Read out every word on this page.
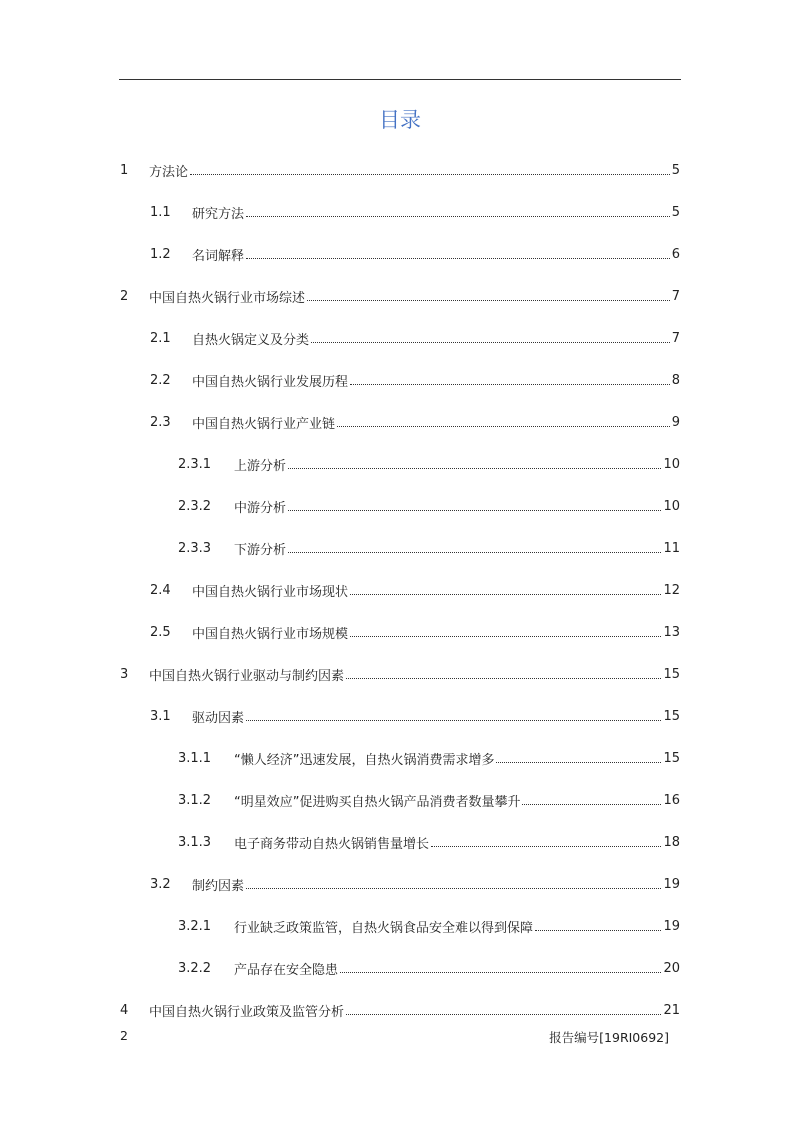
目录
1	方法论	5
1.1	研究方法	5
1.2	名词解释	6
2	中国自热火锅行业市场综述	7
2.1	自热火锅定义及分类	7
2.2	中国自热火锅行业发展历程	8
2.3	中国自热火锅行业产业链	9
2.3.1	上游分析	10
2.3.2	中游分析	10
2.3.3	下游分析	11
2.4	中国自热火锅行业市场现状	12
2.5	中国自热火锅行业市场规模	13
3	中国自热火锅行业驱动与制约因素	15
3.1	驱动因素	15
3.1.1	“懒人经济”迅速发展，自热火锅消费需求增多	15
3.1.2	“明星效应”促进购买自热火锅产品消费者数量攀升	16
3.1.3	电子商务带动自热火锅销售量增长	18
3.2	制约因素	19
3.2.1	行业缺乏政策监管，自热火锅食品安全难以得到保障	19
3.2.2	产品存在安全隐患	20
4	中国自热火锅行业政策及监管分析	21
2	报告编号[19RI0692]
